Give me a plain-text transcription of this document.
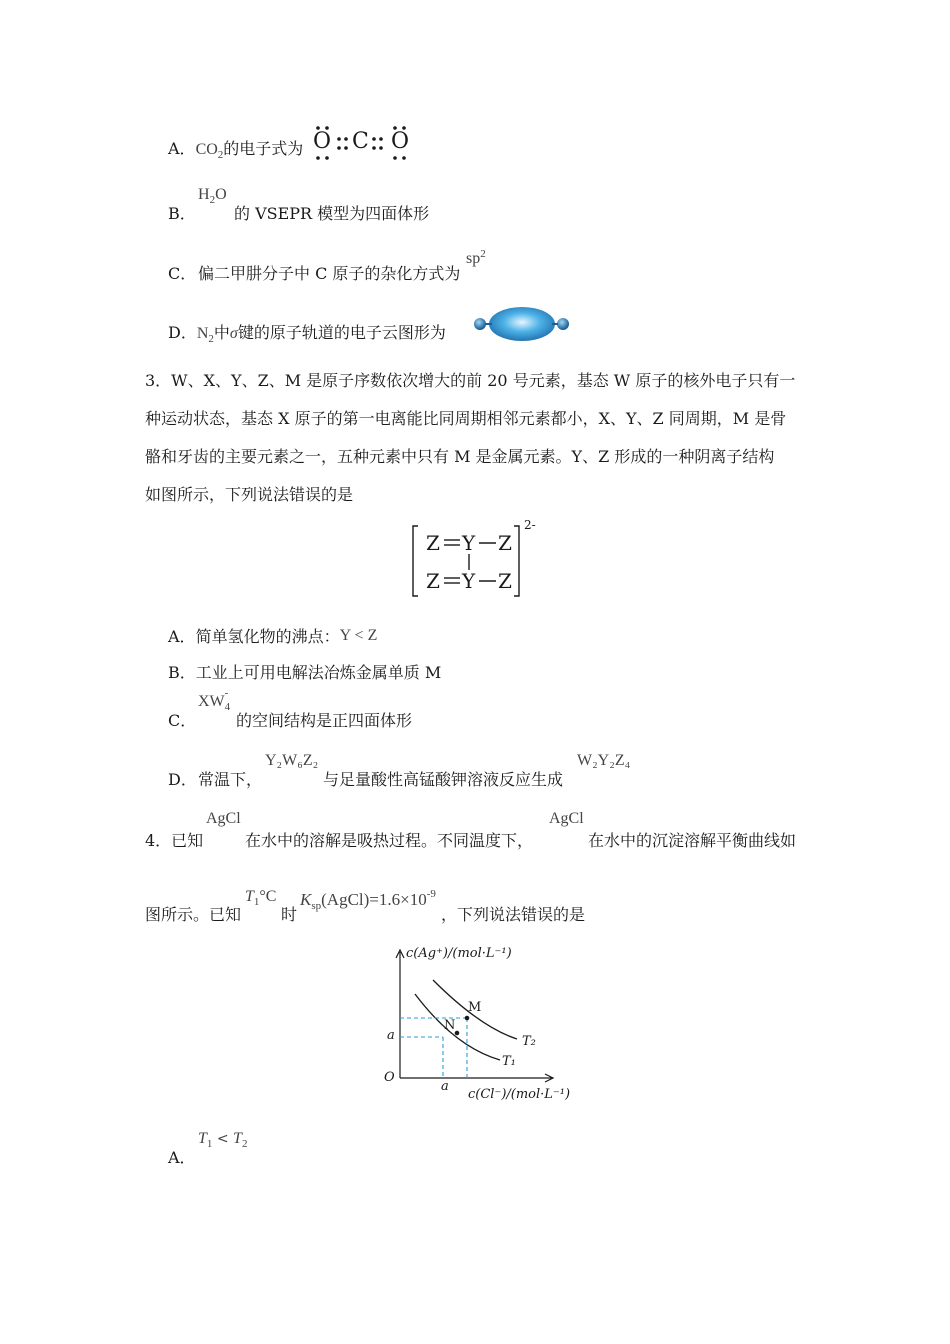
A．$CO_2$的电子式为 O C O
$H_2O$
B． 的 VSEPR 模型为四面体形
C． 偏二甲肼分子中 C 原子的杂化方式为
$sp^2$
D．$N_2$中σ键的原子轨道的电子云图形为
3．W、X、Y、Z、M 是原子序数依次增大的前 20 号元素，基态 W 原子的核外电子只有一
种运动状态，基态 X 原子的第一电离能比同周期相邻元素都小，X、Y、Z 同周期，M 是骨
骼和牙齿的主要元素之一，五种元素中只有 M 是金属元素。Y、Z 形成的一种阴离子结构
如图所示，下列说法错误的是
Z Y Z
Z Y Z
2-
A．简单氢化物的沸点：Y < Z
B．工业上可用电解法冶炼金属单质 M
$XW_4$
-
C． 的空间结构是正四面体形
D． 常温下，
Y₂W₆Z₂
与足量酸性高锰酸钾溶液反应生成
W₂Y₂Z₄
4．已知
AgCl
在水中的溶解是吸热过程。不同温度下，
AgCl
在水中的沉淀溶解平衡曲线如
图所示。已知
$T_1^\circ C$
时
$K_{sp}(AgCl)=1.6\times 10^{-9}$
，下列说法错误的是
c(Ag⁺)/(mol·L⁻¹)
c(Cl⁻)/(mol·L⁻¹)
O
a
a
M
N
T₁
T₂
$T_1 < T_2$
A．
